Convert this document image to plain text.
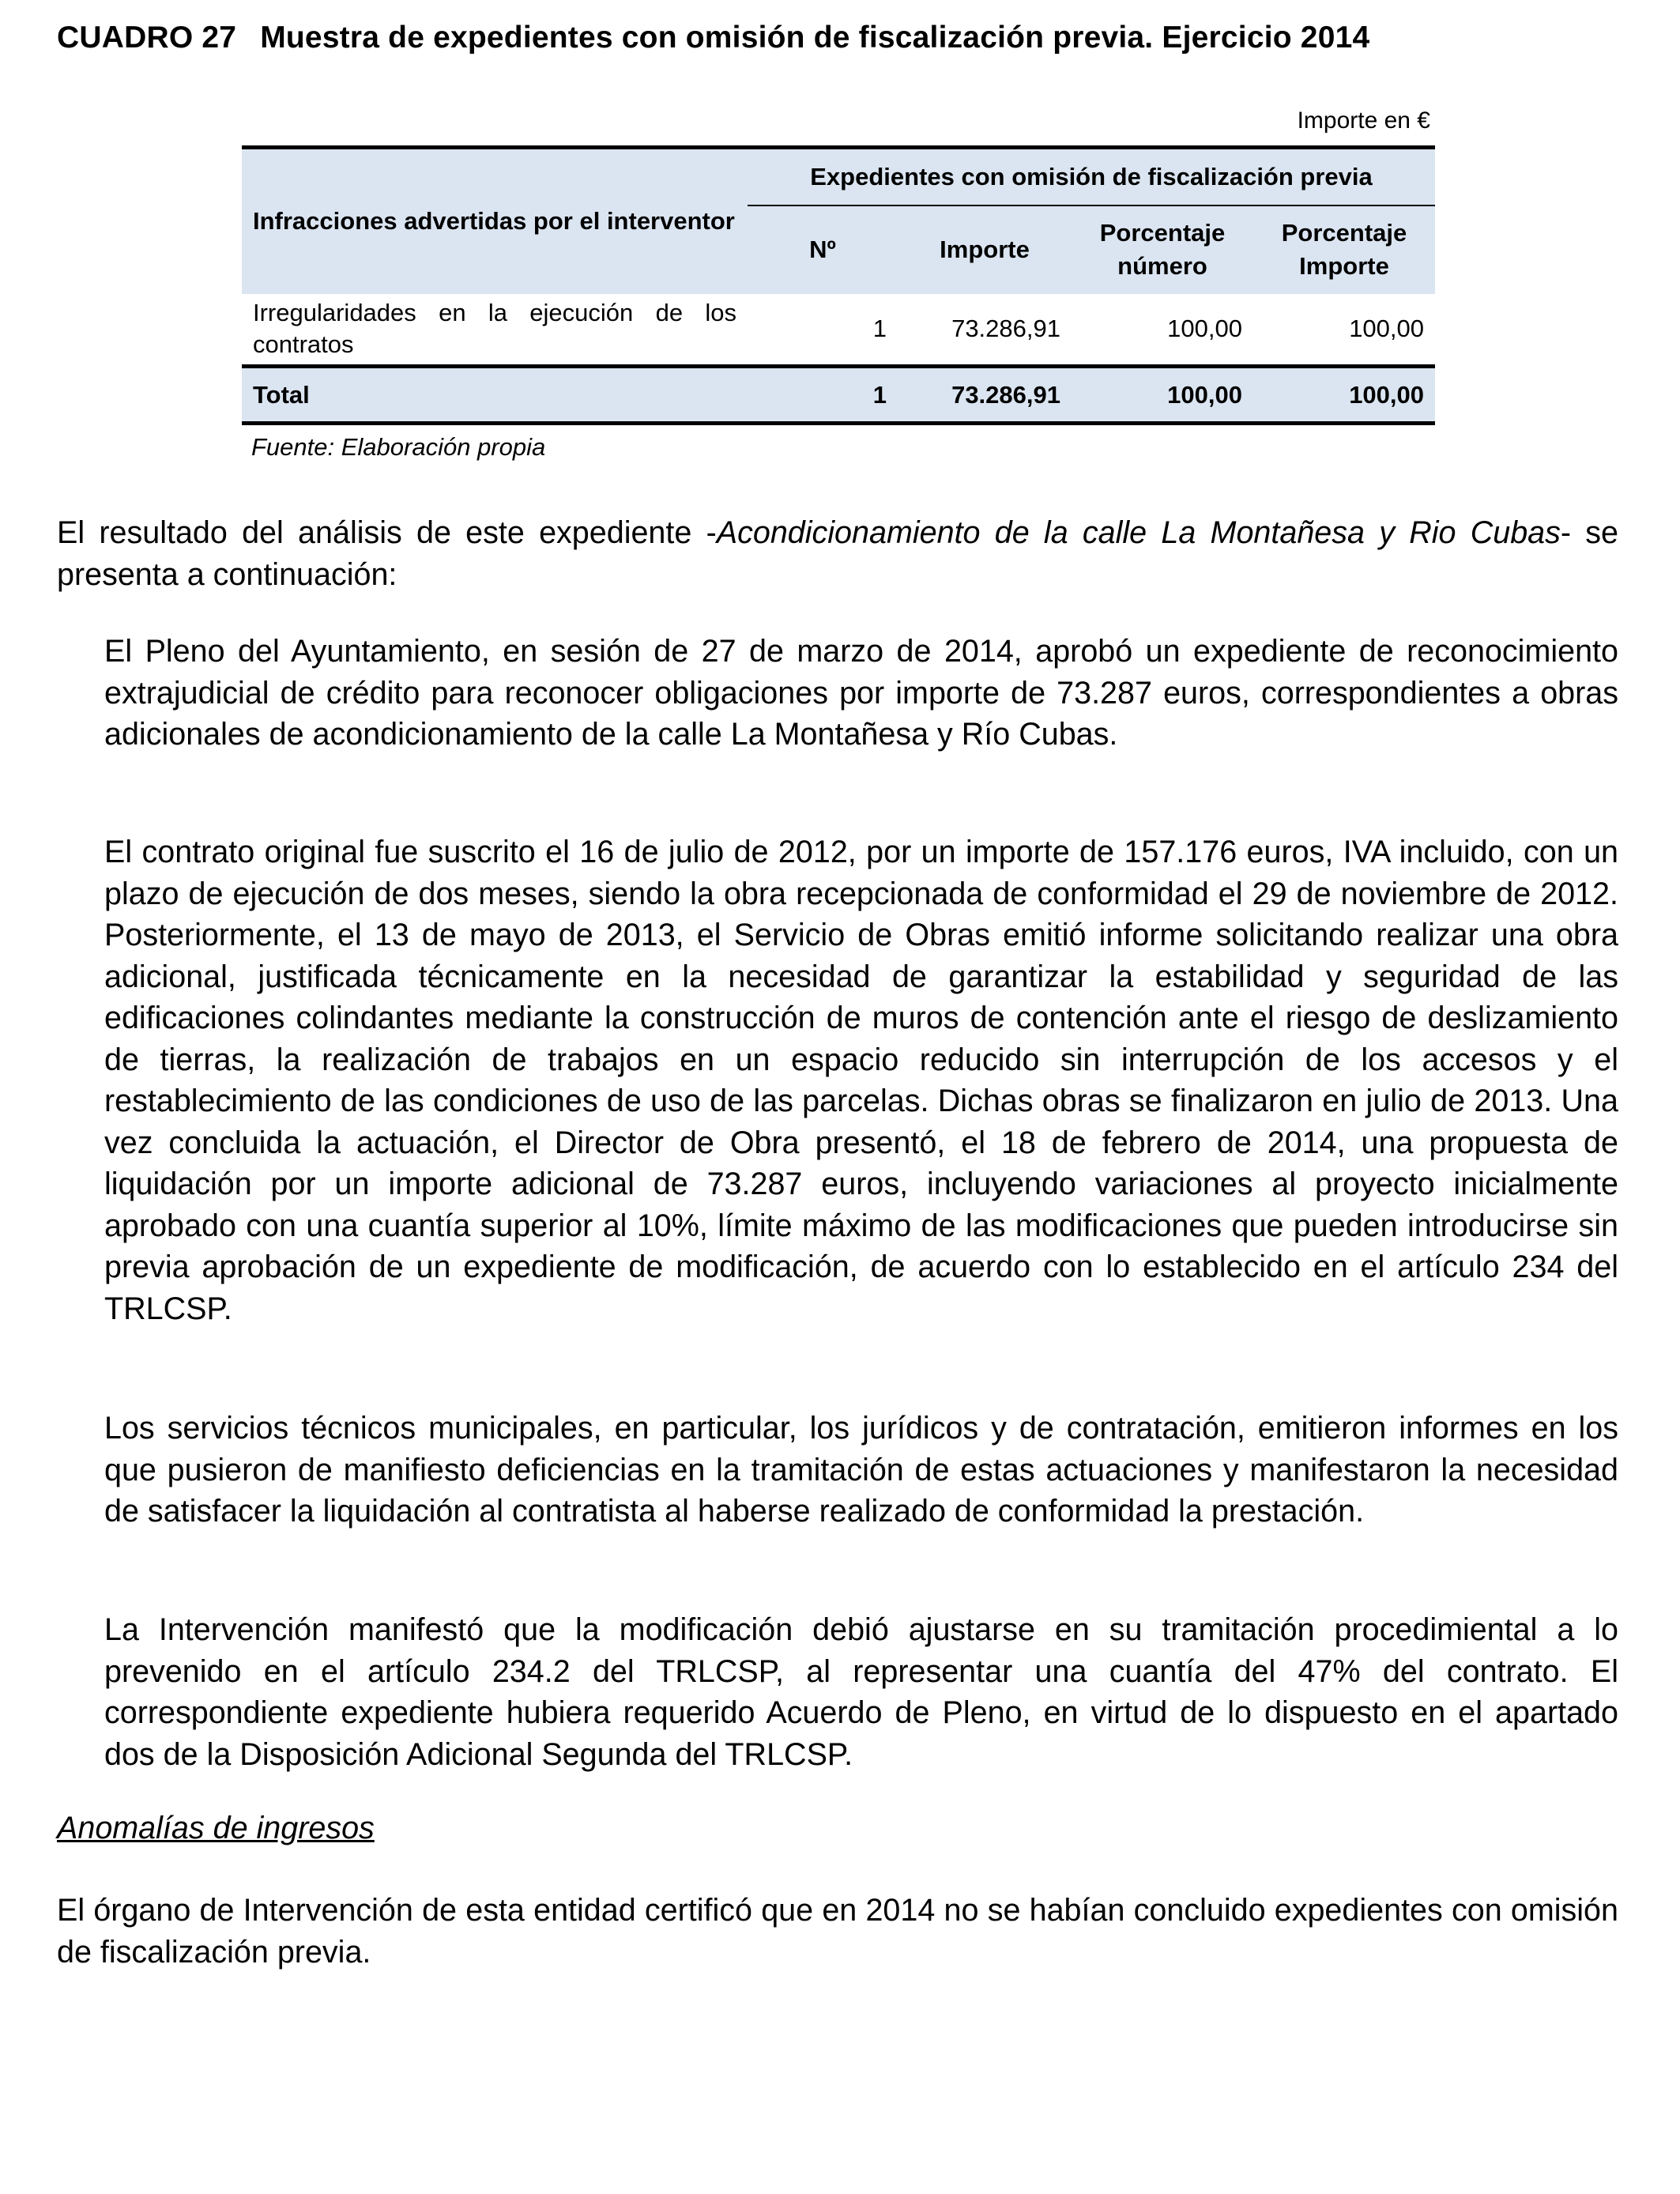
CUADRO 27 Muestra de expedientes con omisión de fiscalización previa. Ejercicio 2014
Importe en €
Infracciones advertidas por el interventor	Expedientes con omisión de fiscalización previa			
	Nº	Importe	Porcentaje número	Porcentaje Importe
Irregularidades en la ejecución de los contratos	1	73.286,91	100,00	100,00
Total	1	73.286,91	100,00	100,00
Fuente: Elaboración propia

El resultado del análisis de este expediente -Acondicionamiento de la calle La Montañesa y Rio Cubas- se presenta a continuación:

El Pleno del Ayuntamiento, en sesión de 27 de marzo de 2014, aprobó un expediente de reconocimiento extrajudicial de crédito para reconocer obligaciones por importe de 73.287 euros, correspondientes a obras adicionales de acondicionamiento de la calle La Montañesa y Río Cubas.

El contrato original fue suscrito el 16 de julio de 2012, por un importe de 157.176 euros, IVA incluido, con un plazo de ejecución de dos meses, siendo la obra recepcionada de conformidad el 29 de noviembre de 2012. Posteriormente, el 13 de mayo de 2013, el Servicio de Obras emitió informe solicitando realizar una obra adicional, justificada técnicamente en la necesidad de garantizar la estabilidad y seguridad de las edificaciones colindantes mediante la construcción de muros de contención ante el riesgo de deslizamiento de tierras, la realización de trabajos en un espacio reducido sin interrupción de los accesos y el restablecimiento de las condiciones de uso de las parcelas. Dichas obras se finalizaron en julio de 2013. Una vez concluida la actuación, el Director de Obra presentó, el 18 de febrero de 2014, una propuesta de liquidación por un importe adicional de 73.287 euros, incluyendo variaciones al proyecto inicialmente aprobado con una cuantía superior al 10%, límite máximo de las modificaciones que pueden introducirse sin previa aprobación de un expediente de modificación, de acuerdo con lo establecido en el artículo 234 del TRLCSP.

Los servicios técnicos municipales, en particular, los jurídicos y de contratación, emitieron informes en los que pusieron de manifiesto deficiencias en la tramitación de estas actuaciones y manifestaron la necesidad de satisfacer la liquidación al contratista al haberse realizado de conformidad la prestación.

La Intervención manifestó que la modificación debió ajustarse en su tramitación procedimiental a lo prevenido en el artículo 234.2 del TRLCSP, al representar una cuantía del 47% del contrato. El correspondiente expediente hubiera requerido Acuerdo de Pleno, en virtud de lo dispuesto en el apartado dos de la Disposición Adicional Segunda del TRLCSP.

Anomalías de ingresos

El órgano de Intervención de esta entidad certificó que en 2014 no se habían concluido expedientes con omisión de fiscalización previa.
